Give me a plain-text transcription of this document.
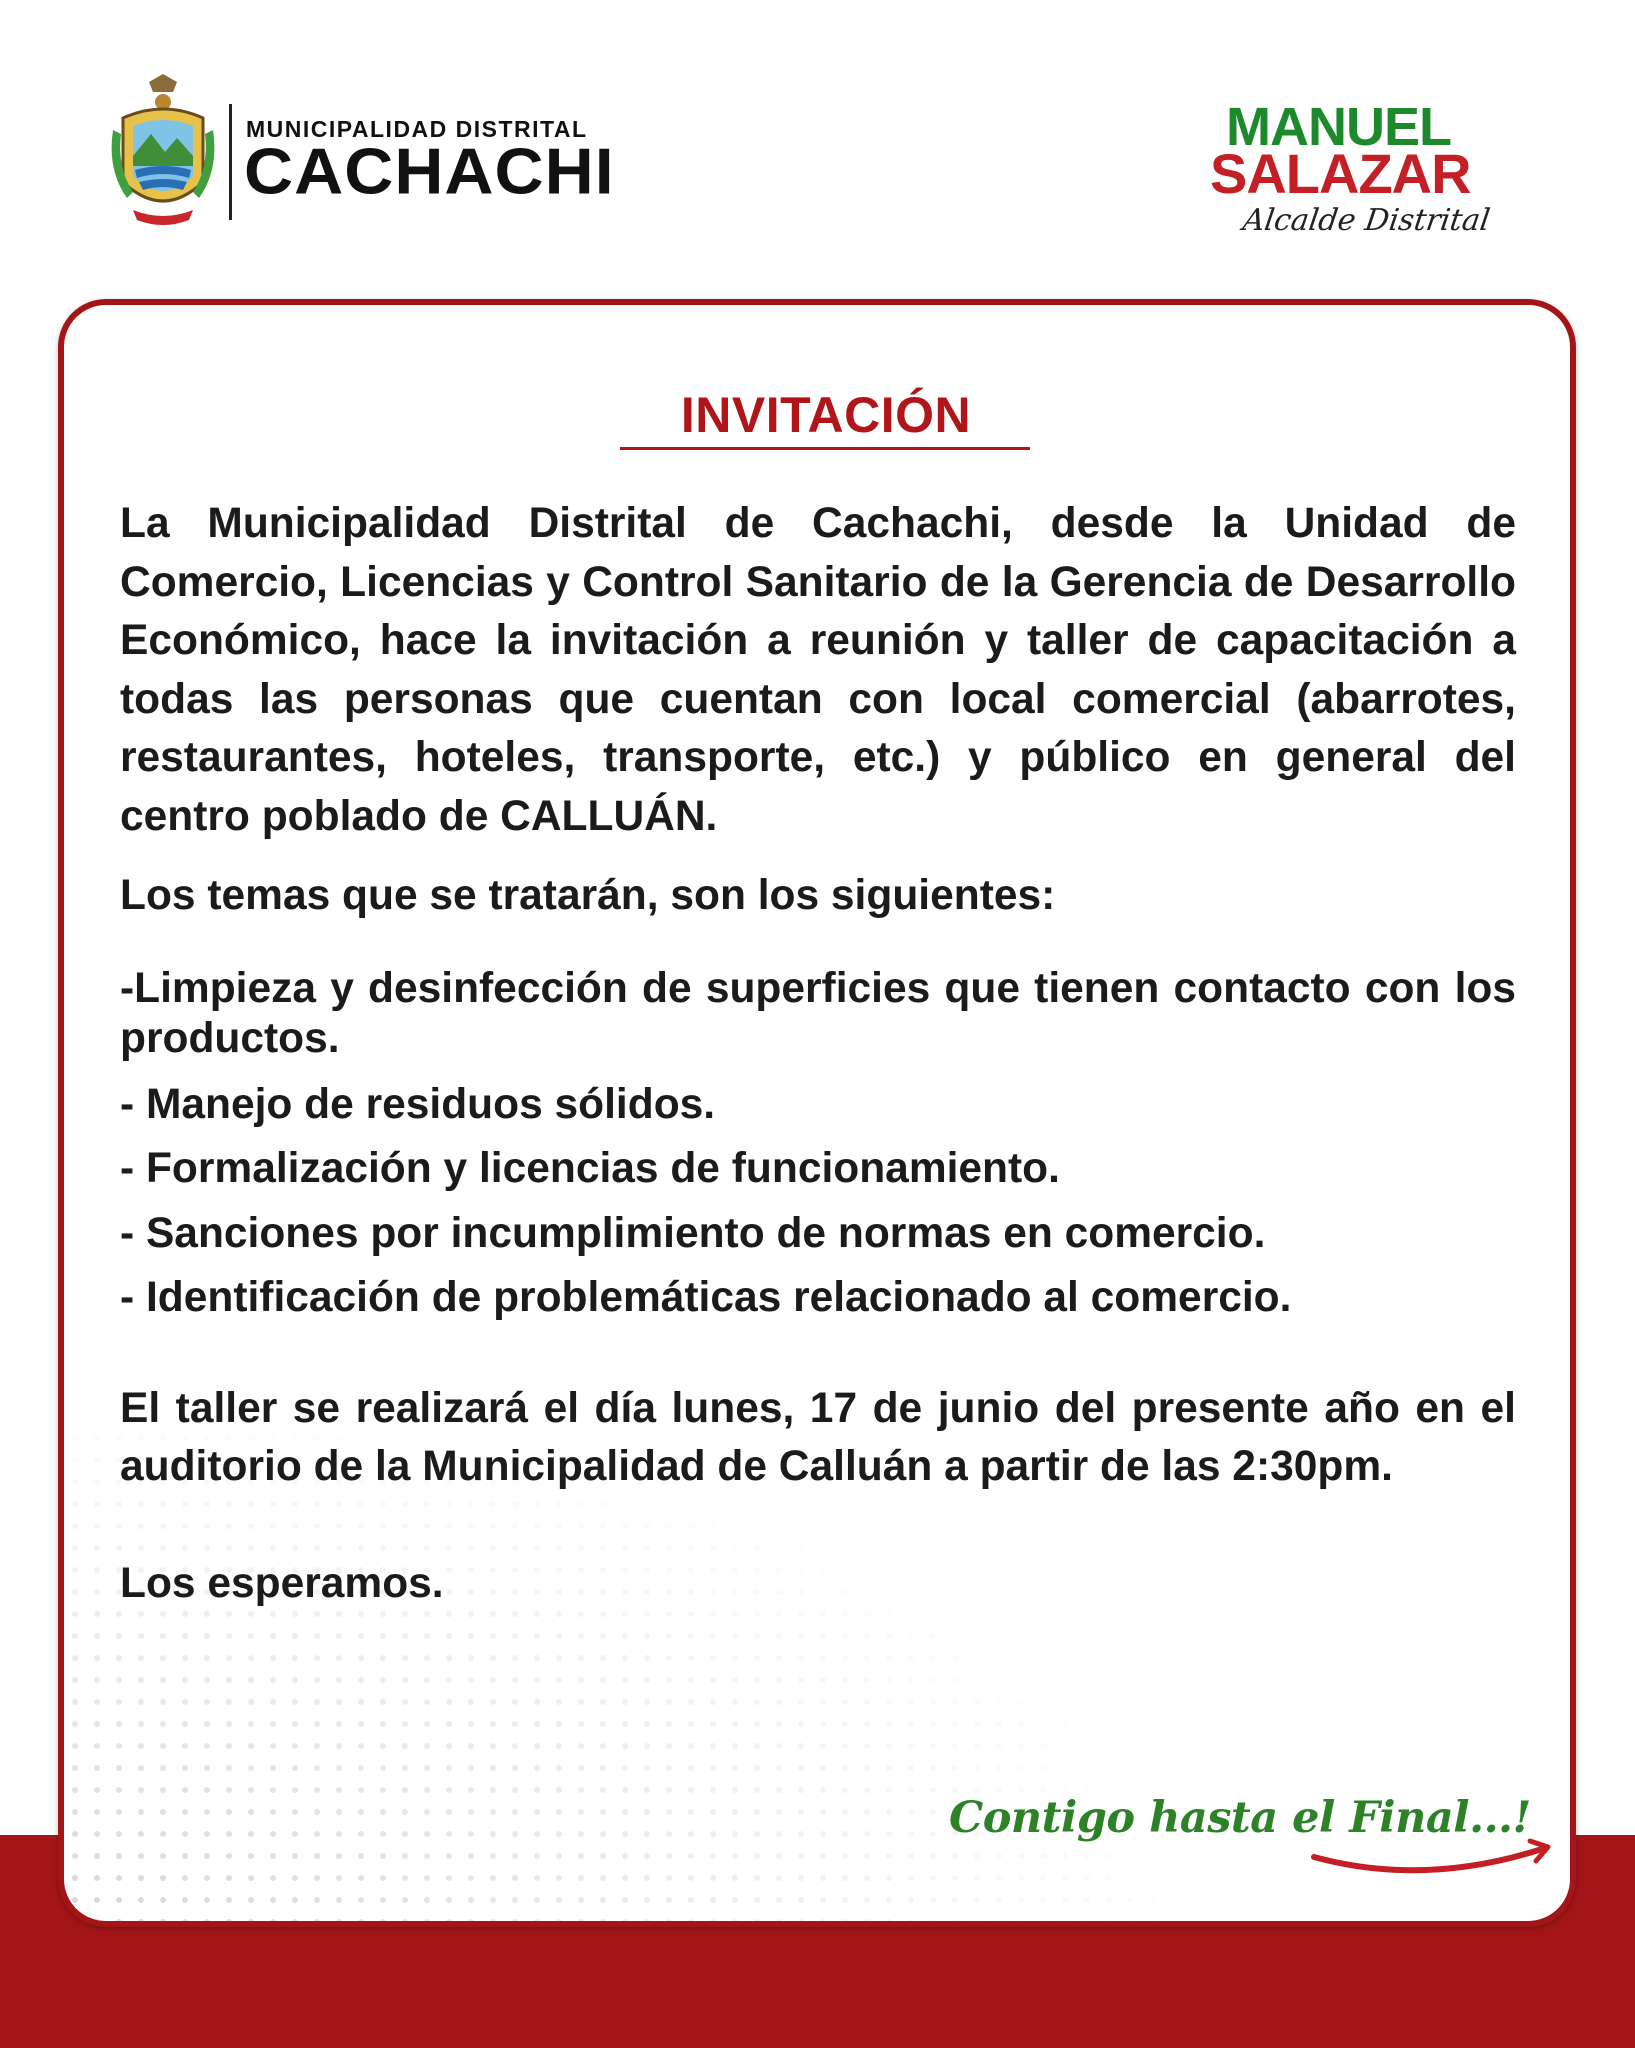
MUNICIPALIDAD DISTRITAL
CACHACHI
MANUEL
SALAZAR
Alcalde Distrital
INVITACIÓN

La Municipalidad Distrital de Cachachi, desde la Unidad de Comercio, Licencias y Control Sanitario de la Gerencia de Desarrollo Económico, hace la invitación a reunión y taller de capacitación a todas las personas que cuentan con local comercial (abarrotes, restaurantes, hoteles, transporte, etc.) y público en general del centro poblado de CALLUÁN.

Los temas que se tratarán, son los siguientes:

-Limpieza y desinfección de superficies que tienen contacto con los productos.
- Manejo de residuos sólidos.
- Formalización y licencias de funcionamiento.
- Sanciones por incumplimiento de normas en comercio.
- Identificación de problemáticas relacionado al comercio.

El taller se realizará el día lunes, 17 de junio del presente año en el auditorio de la Municipalidad de Calluán a partir de las 2:30pm.

Los esperamos.

Contigo hasta el Final...!
